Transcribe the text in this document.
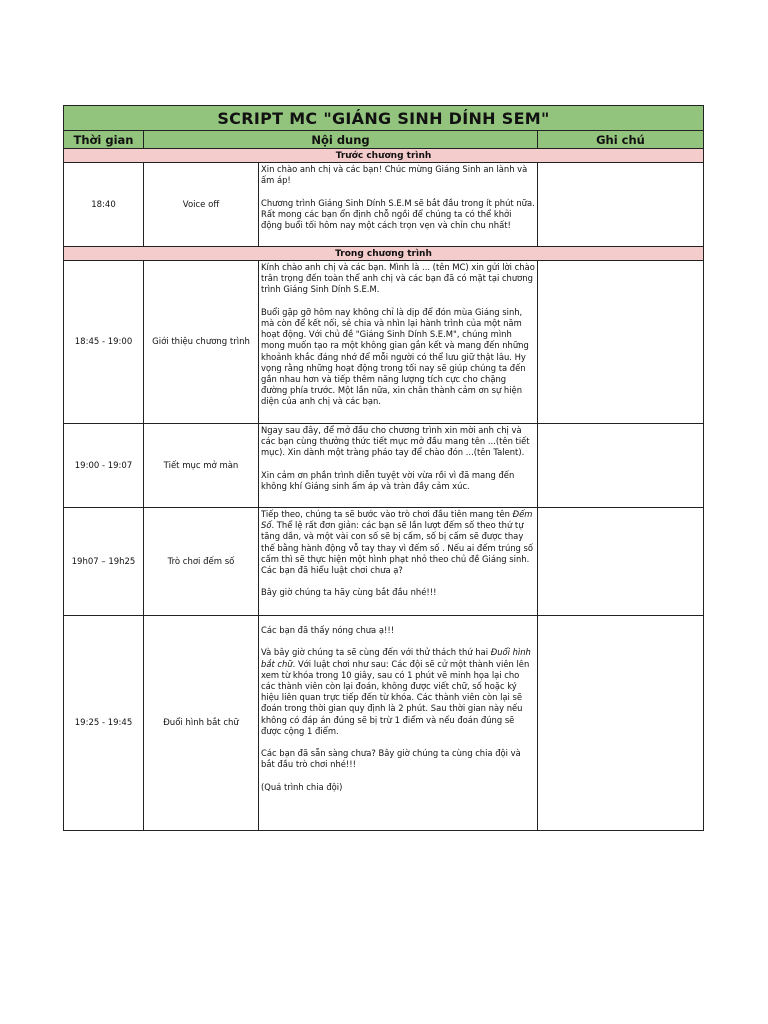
SCRIPT MC "GIÁNG SINH DÍNH SEM"			
Thời gian	Nội dung		Ghi chú
Trước chương trình			
18:40	Voice off	Xin chào anh chị và các bạn! Chúc mừng Giáng Sinh an lành và ấm áp!

Chương trình Giáng Sinh Dính S.E.M sẽ bắt đầu trong ít phút nữa. Rất mong các bạn ổn định chỗ ngồi để chúng ta có thể khởi động buổi tối hôm nay một cách trọn vẹn và chỉn chu nhất!	

Trong chương trình			
18:45 - 19:00	Giới thiệu chương trình	Kính chào anh chị và các bạn. Mình là ... (tên MC) xin gửi lời chào trân trọng đến toàn thể anh chị và các bạn đã có mặt tại chương trình Giáng Sinh Dính S.E.M.

Buổi gặp gỡ hôm nay không chỉ là dịp để đón mùa Giáng sinh, mà còn để kết nối, sẻ chia và nhìn lại hành trình của một năm hoạt động. Với chủ đề "Giáng Sinh Dính S.E.M", chúng mình mong muốn tạo ra một không gian gắn kết và mang đến những khoảnh khắc đáng nhớ để mỗi người có thể lưu giữ thật lâu. Hy vọng rằng những hoạt động trong tối nay sẽ giúp chúng ta đến gần nhau hơn và tiếp thêm năng lượng tích cực cho chặng đường phía trước. Một lần nữa, xin chân thành cảm ơn sự hiện diện của anh chị và các bạn.	

19:00 - 19:07	Tiết mục mở màn	Ngay sau đây, để mở đầu cho chương trình xin mời anh chị và các bạn cùng thưởng thức tiết mục mở đầu mang tên ...(tên tiết mục). Xin dành một tràng pháo tay để chào đón ...(tên Talent).

Xin cảm ơn phần trình diễn tuyệt vời vừa rồi vì đã mang đến không khí Giáng sinh ấm áp và tràn đầy cảm xúc.	

19h07 – 19h25	Trò chơi đếm số	Tiếp theo, chúng ta sẽ bước vào trò chơi đầu tiên mang tên Đếm Số. Thể lệ rất đơn giản: các bạn sẽ lần lượt đếm số theo thứ tự tăng dần, và một vài con số sẽ bị cấm, số bị cấm sẽ được thay thế bằng hành động vỗ tay thay vì đếm số . Nếu ai đếm trúng số cấm thì sẽ thực hiện một hình phạt nhỏ theo chủ đề Giáng sinh. Các bạn đã hiểu luật chơi chưa ạ?

Bây giờ chúng ta hãy cùng bắt đầu nhé!!!	

19:25 - 19:45	Đuổi hình bắt chữ	Các bạn đã thấy nóng chưa ạ!!!

Và bây giờ chúng ta sẽ cùng đến với thử thách thứ hai Đuổi hình bắt chữ. Với luật chơi như sau: Các đội sẽ cử một thành viên lên xem từ khóa trong 10 giây, sau có 1 phút vẽ minh họa lại cho các thành viên còn lại đoán, không được viết chữ, số hoặc ký hiệu liên quan trực tiếp đến từ khóa. Các thành viên còn lại sẽ đoán trong thời gian quy định là 2 phút. Sau thời gian này nếu không có đáp án đúng sẽ bị trừ 1 điểm và nếu đoán đúng sẽ được cộng 1 điểm.

Các bạn đã sẵn sàng chưa? Bây giờ chúng ta cùng chia đội và bắt đầu trò chơi nhé!!!

(Quá trình chia đội)	
